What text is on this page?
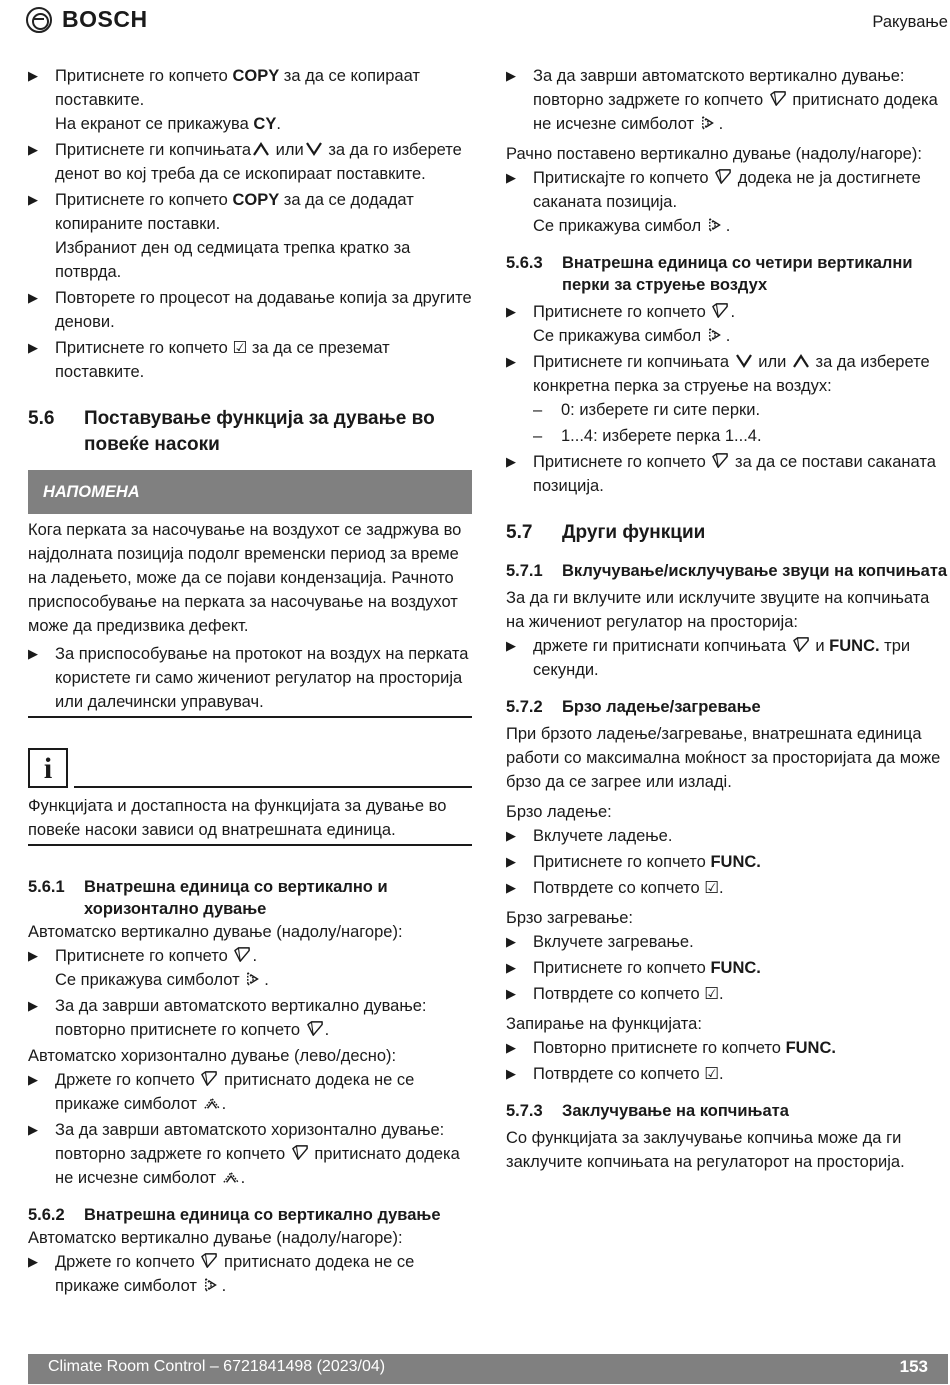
BOSCH	Ракување
▶ Притиснете го копчето COPY за да се копираат поставките.
На екранот се прикажува CY.
▶ Притиснете ги копчињата или за да го изберете денот во кој треба да се ископираат поставките.
▶ Притиснете го копчето COPY за да се додадат копираните поставки.
Избраниот ден од седмицата трепка кратко за потврда.
▶ Повторете го процесот на додавање копија за другите денови.
▶ Притиснете го копчето ☑ за да се преземат поставките.
5.6	Поставување функција за дување во повеќе насоки
НАПОМЕНА

Кога перката за насочување на воздухот се задржува во најдолната позиција подолг временски период за време на ладењето, може да се појави кондензација. Рачното приспособување на перката за насочување на воздухот може да предизвика дефект.

▶ За приспособување на протокот на воздух на перката користете ги само жичениот регулатор на просторија или далечински управувач.
i

Функцијата и достапноста на функцијата за дување во повеќе насоки зависи од внатрешната единица.

5.6.1	Внатрешна единица со вертикално и хоризонтално дување

Автоматско вертикално дување (надолу/нагоре):

▶ Притиснете го копчето .
Се прикажува симболот .
▶ За да заврши автоматското вертикално дување:
повторно притиснете го копчето .

Автоматско хоризонтално дување (лево/десно):

▶ Држете го копчето притиснато додека не се прикаже симболот .
▶ За да заврши автоматското хоризонтално дување:
повторно задржете го копчето притиснато додека не исчезне симболот .
5.6.2	Внатрешна единица со вертикално дување

Автоматско вертикално дување (надолу/нагоре):

▶ Држете го копчето притиснато додека не се прикаже симболот .
▶ За да заврши автоматското вертикално дување:
повторно задржете го копчето притиснато додека не исчезне симболот .

Рачно поставено вертикално дување (надолу/нагоре):

▶ Притискајте го копчето додека не ја достигнете саканата позиција.
Се прикажува симбол .
5.6.3	Внатрешна единица со четири вертикални перки за струење воздух
▶ Притиснете го копчето .
Се прикажува симбол .
▶ Притиснете ги копчињата или за да изберете конкретна перка за струење на воздух:
– 0: изберете ги сите перки.
– 1...4: изберете перка 1...4.
▶ Притиснете го копчето за да се постави саканата позиција.
5.7	Други функции
5.7.1	Вклучување/исклучување звуци на копчињата

За да ги вклучите или исклучите звуците на копчињата на жичениот регулатор на просторија:

▶ држете ги притиснати копчињата и FUNC. три секунди.
5.7.2	Брзо ладење/загревање

При брзото ладење/загревање, внатрешната единица работи со максимална моќност за просторијата да може брзо да се загрее или изладi.

Брзо ладење:

▶ Вклучете ладење.
▶ Притиснете го копчето FUNC.
▶ Потврдете со копчето ☑.

Брзо загревање:

▶ Вклучете загревање.
▶ Притиснете го копчето FUNC.
▶ Потврдете со копчето ☑.

Запирање на функцијата:

▶ Повторно притиснете го копчето FUNC.
▶ Потврдете со копчето ☑.
5.7.3	Заклучување на копчињата

Со функцијата за заклучување копчиња може да ги заклучите копчињата на регулаторот на просторија.

Climate Room Control – 6721841498 (2023/04)	153
